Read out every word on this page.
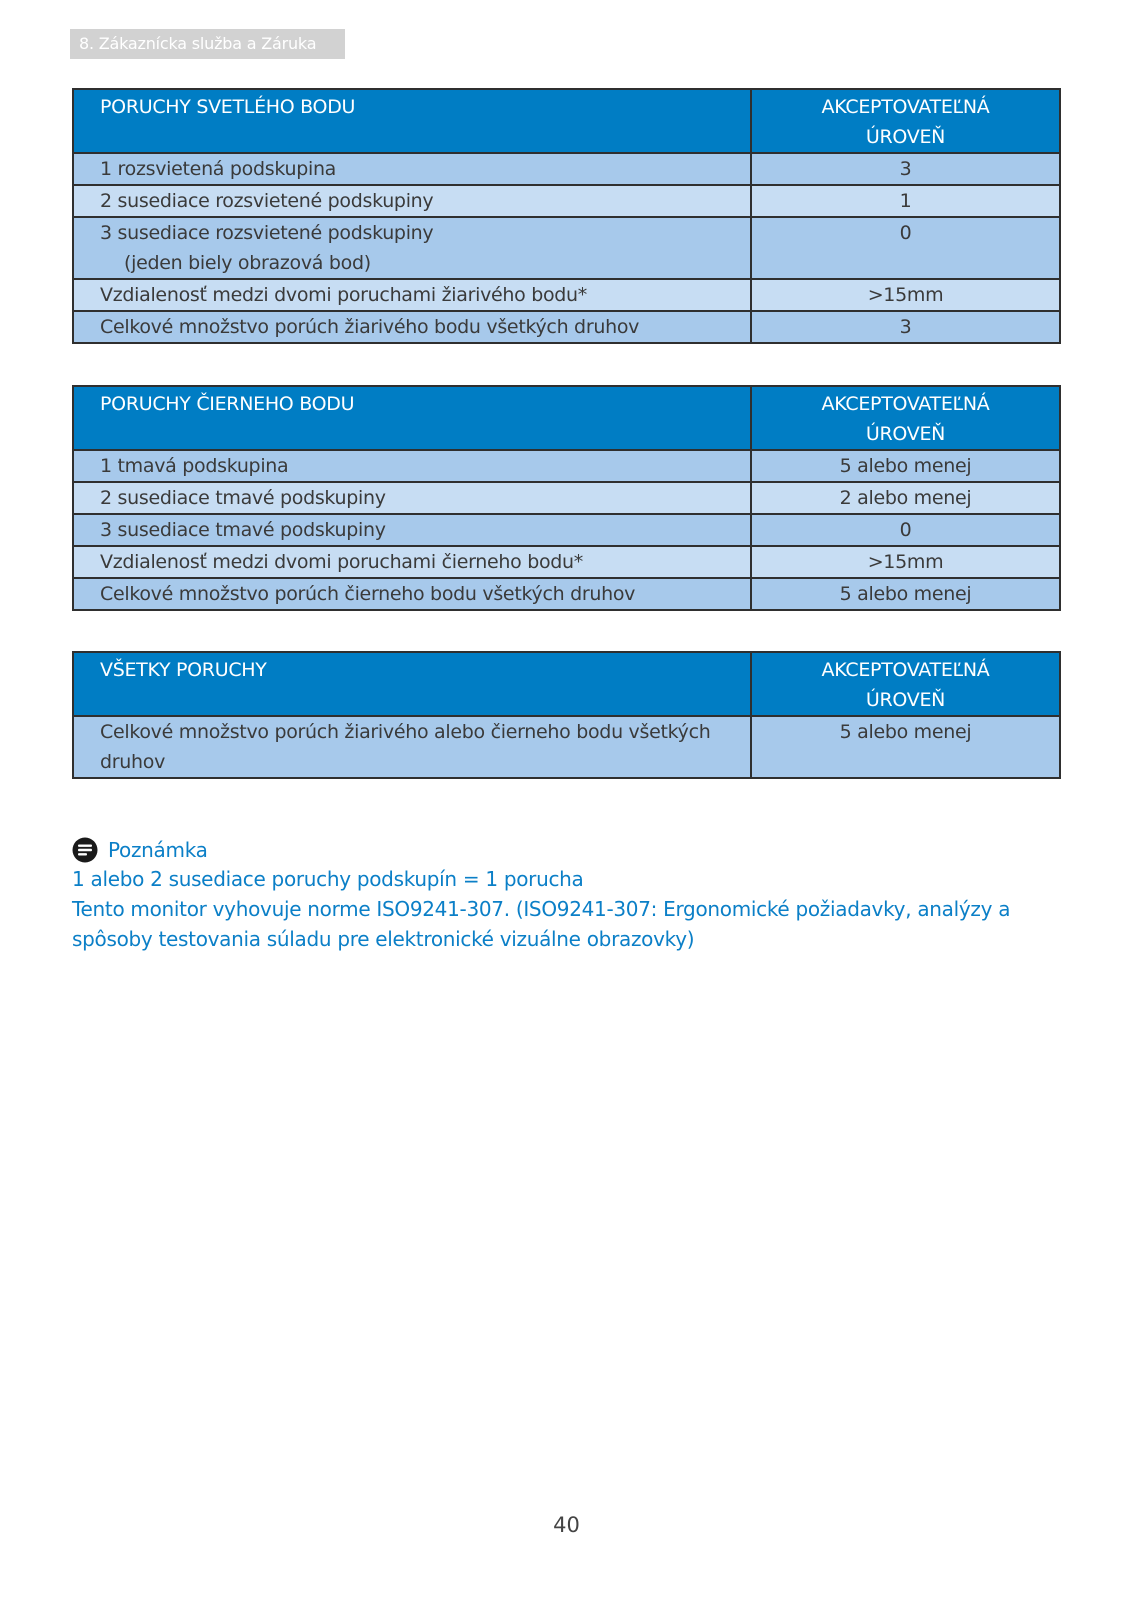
8. Zákaznícka služba a Záruka
PORUCHY SVETLÉHO BODU	AKCEPTOVATEĽNÁ
ÚROVEŇ

1 rozsvietená podskupina	3
2 susediace rozsvietené podskupiny	1

3 susediace rozsvietené podskupiny
(jeden biely obrazová bod)	0
Vzdialenosť medzi dvomi poruchami žiarivého bodu*	>15mm
Celkové množstvo porúch žiarivého bodu všetkých druhov	3
PORUCHY ČIERNEHO BODU	AKCEPTOVATEĽNÁ
ÚROVEŇ

1 tmavá podskupina	5 alebo menej
2 susediace tmavé podskupiny	2 alebo menej
3 susediace tmavé podskupiny	0
Vzdialenosť medzi dvomi poruchami čierneho bodu*	>15mm
Celkové množstvo porúch čierneho bodu všetkých druhov	5 alebo menej
VŠETKY PORUCHY	AKCEPTOVATEĽNÁ
ÚROVEŇ

Celkové množstvo porúch žiarivého alebo čierneho bodu všetkých
druhov	5 alebo menej
Poznámka

1 alebo 2 susediace poruchy podskupín = 1 porucha

Tento monitor vyhovuje norme ISO9241-307. (ISO9241-307: Ergonomické požiadavky, analýzy a

spôsoby testovania súladu pre elektronické vizuálne obrazovky)

40
